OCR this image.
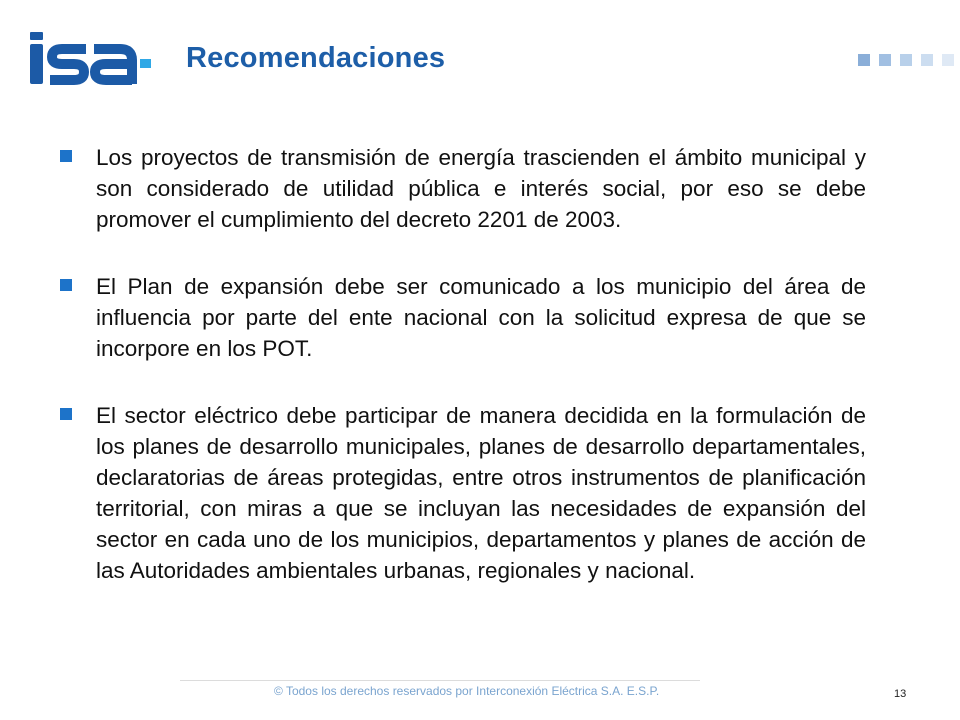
Recomendaciones
Los proyectos de transmisión de energía trascienden el ámbito municipal y son considerado de utilidad pública e interés social, por eso se debe promover el cumplimiento del decreto 2201 de 2003.
El Plan de expansión debe ser comunicado a los municipio del área de influencia por parte del ente nacional con la solicitud expresa de que se incorpore en los POT.
El sector eléctrico debe participar de manera decidida en la formulación de los planes de desarrollo municipales, planes de desarrollo departamentales, declaratorias de áreas protegidas, entre otros instrumentos de planificación territorial, con miras a que se incluyan las necesidades de expansión del sector en cada uno de los municipios, departamentos y planes de acción de las Autoridades ambientales urbanas, regionales y nacional.
© Todos los derechos reservados por Interconexión Eléctrica S.A. E.S.P.	13
